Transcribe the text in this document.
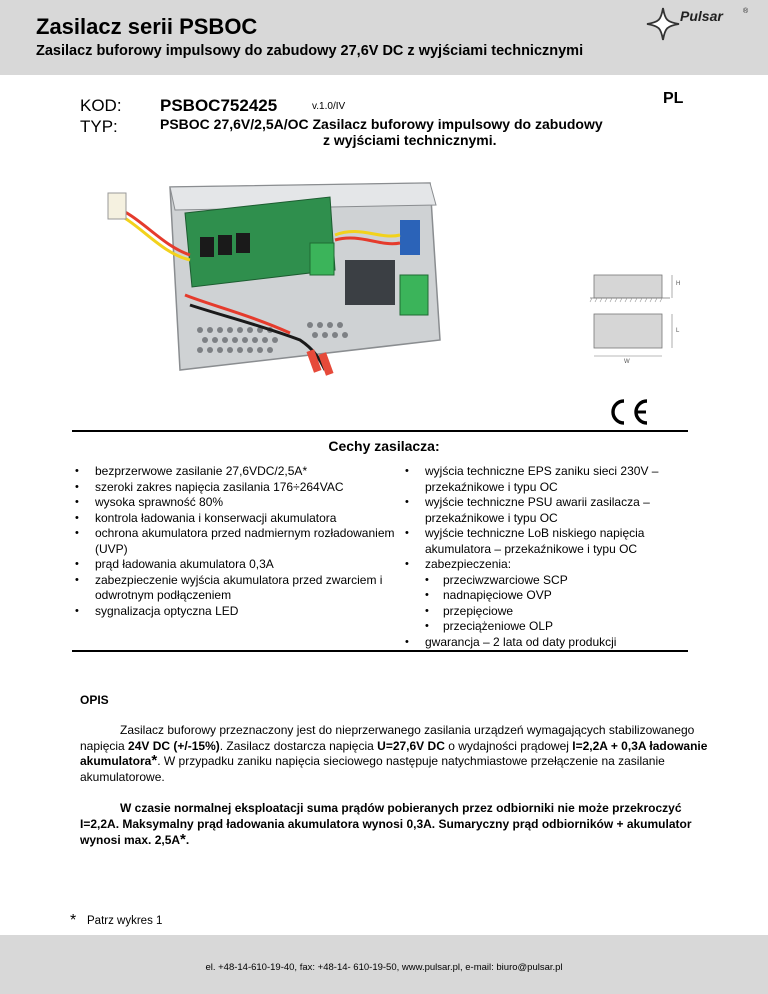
Zasilacz serii PSBOC
Zasilacz buforowy impulsowy do zabudowy 27,6V DC z wyjściami technicznymi
Pulsar	®
KOD:
TYP:
PSBOC752425	v.1.0/IV	PL
PSBOC 27,6V/2,5A/OC Zasilacz buforowy impulsowy do zabudowy
z wyjściami technicznymi.
H
L
W
Cechy zasilacza:
• bezprzerwowe zasilanie 27,6VDC/2,5A*
• szeroki zakres napięcia zasilania 176÷264VAC
• wysoka sprawność 80%
• kontrola ładowania i konserwacji akumulatora
• ochrona akumulatora przed nadmiernym rozładowaniem (UVP)
• prąd ładowania akumulatora 0,3A
• zabezpieczenie wyjścia akumulatora przed zwarciem i odwrotnym podłączeniem
• sygnalizacja optyczna LED
• wyjścia techniczne EPS zaniku sieci 230V – przekaźnikowe i typu OC
• wyjście techniczne PSU awarii zasilacza – przekaźnikowe i typu OC
• wyjście techniczne LoB niskiego napięcia akumulatora – przekaźnikowe i typu OC
• zabezpieczenia:
• przeciwzwarciowe SCP
• nadnapięciowe OVP
• przepięciowe
• przeciążeniowe OLP
• gwarancja – 2 lata od daty produkcji
OPIS
Zasilacz buforowy przeznaczony jest do nieprzerwanego zasilania urządzeń wymagających stabilizowanego napięcia 24V DC (+/-15%). Zasilacz dostarcza napięcia U=27,6V DC o wydajności prądowej I=2,2A + 0,3A ładowanie akumulatora*. W przypadku zaniku napięcia sieciowego następuje natychmiastowe przełączenie na zasilanie akumulatorowe.
W czasie normalnej eksploatacji suma prądów pobieranych przez odbiorniki nie może przekroczyć I=2,2A. Maksymalny prąd ładowania akumulatora wynosi 0,3A. Sumaryczny prąd odbiorników + akumulator wynosi max. 2,5A*.
* Patrz wykres 1
el. +48-14-610-19-40, fax: +48-14- 610-19-50, www.pulsar.pl, e-mail: biuro@pulsar.pl
